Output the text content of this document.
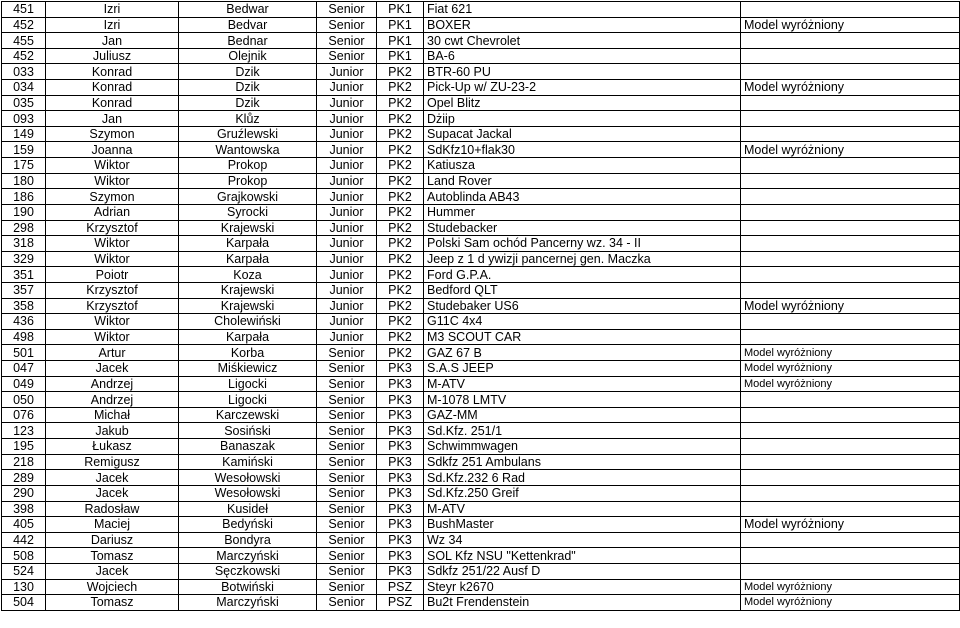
451	Izri	Bedwar	Senior	PK1	Fiat 621	
452	Izri	Bedvar	Senior	PK1	BOXER	Model wyróżniony
455	Jan	Bednar	Senior	PK1	30 cwt Chevrolet	
452	Juliusz	Olejnik	Senior	PK1	BA-6	
033	Konrad	Dzik	Junior	PK2	BTR-60 PU	
034	Konrad	Dzik	Junior	PK2	Pick-Up w/ ZU-23-2	Model wyróżniony
035	Konrad	Dzik	Junior	PK2	Opel Blitz	
093	Jan	Klůz	Junior	PK2	Dżiip	
149	Szymon	Gruźlewski	Junior	PK2	Supacat Jackal	
159	Joanna	Wantowska	Junior	PK2	SdKfz10+flak30	Model wyróżniony
175	Wiktor	Prokop	Junior	PK2	Katiusza	
180	Wiktor	Prokop	Junior	PK2	Land Rover	
186	Szymon	Grajkowski	Junior	PK2	Autoblinda AB43	
190	Adrian	Syrocki	Junior	PK2	Hummer	
298	Krzysztof	Krajewski	Junior	PK2	Studebacker	
318	Wiktor	Karpała	Junior	PK2	Polski Sam ochód Pancerny wz. 34 - II	
329	Wiktor	Karpała	Junior	PK2	Jeep z 1 d ywizji pancernej gen. Maczka	
351	Poiotr	Koza	Junior	PK2	Ford G.P.A.	
357	Krzysztof	Krajewski	Junior	PK2	Bedford QLT	
358	Krzysztof	Krajewski	Junior	PK2	Studebaker US6	Model wyróżniony
436	Wiktor	Cholewiński	Junior	PK2	G11C 4x4	
498	Wiktor	Karpała	Junior	PK2	M3 SCOUT CAR	
501	Artur	Korba	Senior	PK2	GAZ 67 B	Model wyróżniony
047	Jacek	Miśkiewicz	Senior	PK3	S.A.S JEEP	Model wyróżniony
049	Andrzej	Ligocki	Senior	PK3	M-ATV	Model wyróżniony
050	Andrzej	Ligocki	Senior	PK3	M-1078 LMTV	
076	Michał	Karczewski	Senior	PK3	GAZ-MM	
123	Jakub	Sosiński	Senior	PK3	Sd.Kfz. 251/1	
195	Łukasz	Banaszak	Senior	PK3	Schwimmwagen	
218	Remigusz	Kamiński	Senior	PK3	Sdkfz 251 Ambulans	
289	Jacek	Wesołowski	Senior	PK3	Sd.Kfz.232 6 Rad	
290	Jacek	Wesołowski	Senior	PK3	Sd.Kfz.250 Greif	
398	Radosław	Kusideł	Senior	PK3	M-ATV	
405	Maciej	Bedyński	Senior	PK3	BushMaster	Model wyróżniony
442	Dariusz	Bondyra	Senior	PK3	Wz 34	
508	Tomasz	Marczyński	Senior	PK3	SOL Kfz NSU "Kettenkrad"	
524	Jacek	Sęczkowski	Senior	PK3	Sdkfz 251/22 Ausf D	
130	Wojciech	Botwiński	Senior	PSZ	Steyr k2670	Model wyróżniony
504	Tomasz	Marczyński	Senior	PSZ	Bu2t Frendenstein	Model wyróżniony
